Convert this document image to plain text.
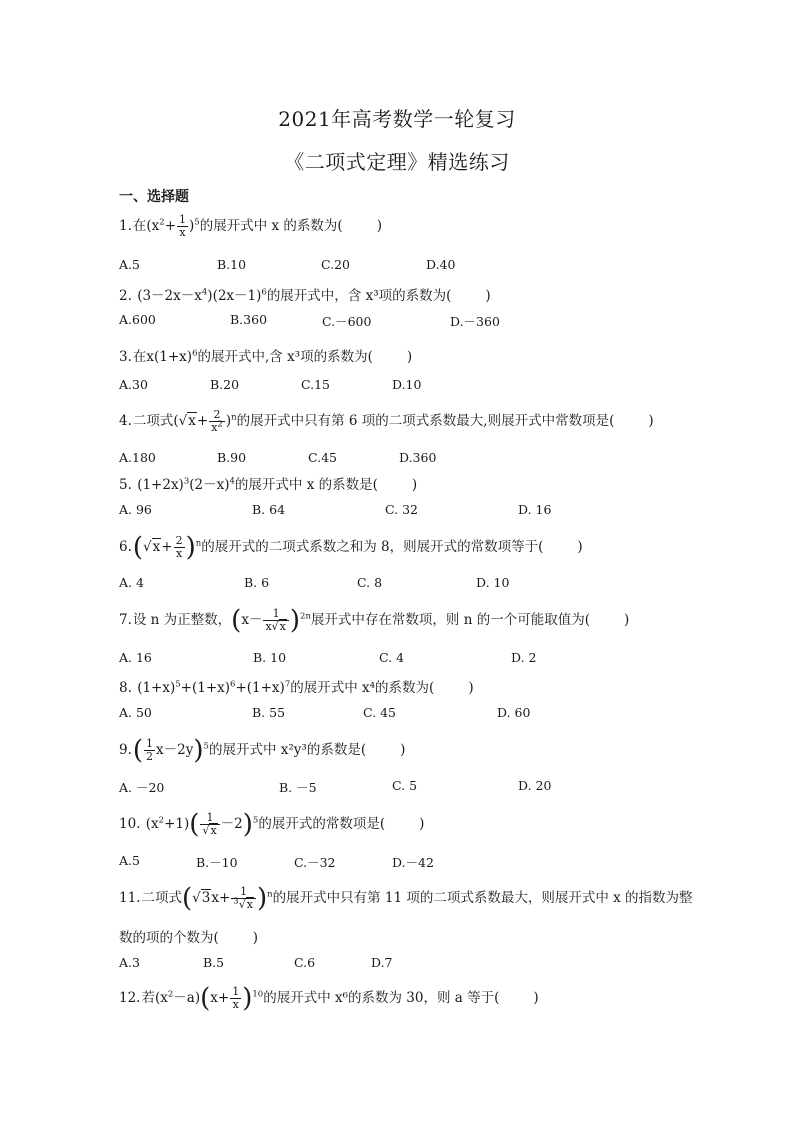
2021年高考数学一轮复习
《二项式定理》精选练习
一、选择题
1.在$(x^2+ \frac{1}{x} )^5$的展开式中 x 的系数为(	)
A.5	B.10	C.20	D.40
2. $(3-2x-x^4)(2x-1)^6$的展开式中，含 x³项的系数为(	)
A.600	B.360	C.－600	D.－360
3.在$x(1+x)^6$的展开式中,含 x³项的系数为(	)
A.30	B.20	C.15	D.10
4.二项式$(√x+ \frac{2}{x^2} )^n$的展开式中只有第 6 项的二项式系数最大,则展开式中常数项是(	)
A.180	B.90	C.45	D.360
5. $(1+2x)^3(2-x)^4$的展开式中 x 的系数是(	)
A. 96	B. 64	C. 32	D. 16
$6.(√x+ \frac{2}{x} )^n$的展开式的二项式系数之和为 8，则展开式的常数项等于(	)
A. 4	B. 6	C. 8	D. 10
7.设 n 为正整数，$(x- \frac{1}{x√x} )^{2n}$展开式中存在常数项，则 n 的一个可能取值为(	)
A. 16	B. 10	C. 4	D. 2
8. $(1+x)^5+(1+x)^6+(1+x)^7$的展开式中 x⁴的系数为(	)
A. 50	B. 55	C. 45	D. 60
$9.( \frac{1}{2} x-2y)^5$的展开式中 x²y³的系数是(	)
A. －20	B. －5	C. 5	D. 20
10. $(x^2+1)( \frac{1}{√x} -2)^5$的展开式的常数项是(	)
A.5	B.－10	C.－32	D.－42
11.二项式$(√3x+ \frac{1}{^3√x} )^n$的展开式中只有第 11 项的二项式系数最大，则展开式中 x 的指数为整
数的项的个数为(	)
A.3	B.5	C.6	D.7
12.若$(x^2-a)(x+ \frac{1}{x} )^{10}$的展开式中 x⁶的系数为 30，则 a 等于(	)
